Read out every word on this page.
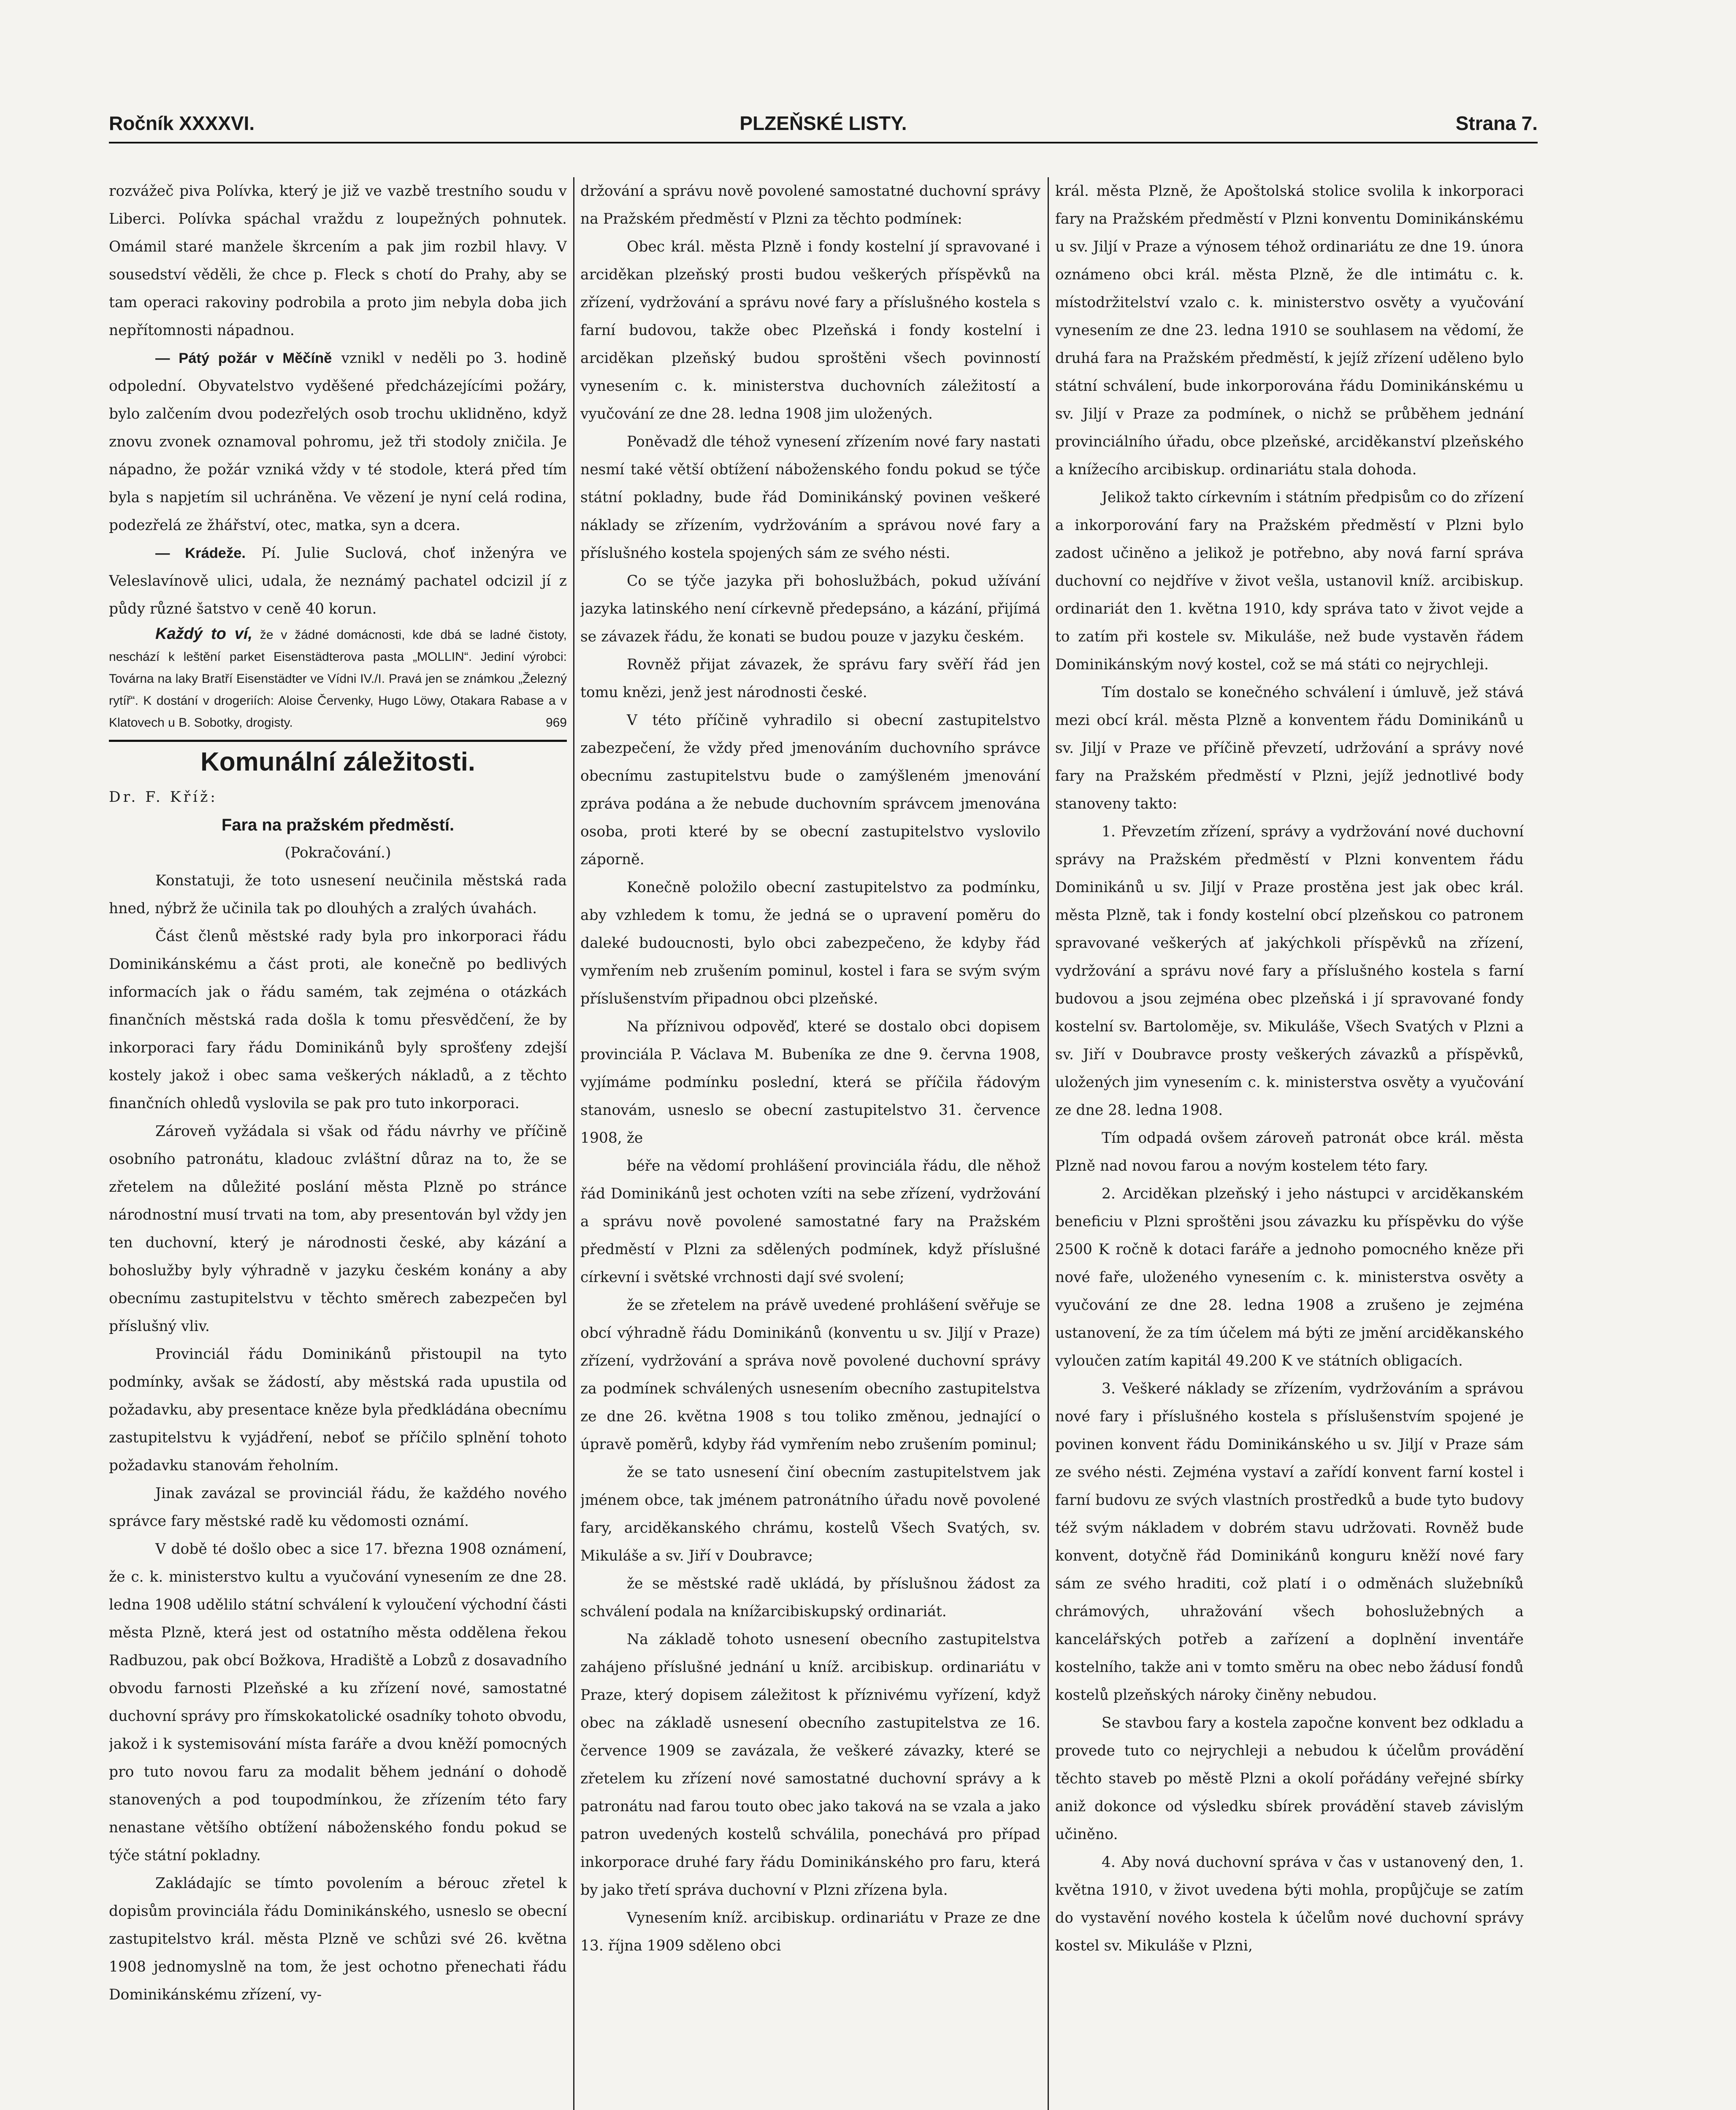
Ročník XXXXVI.	PLZEŇSKÉ LISTY.	Strana 7.

rozvážeč piva Polívka, který je již ve vazbě trestního soudu v Liberci. Polívka spáchal vraždu z loupežných pohnutek. Omámil staré manžele škrcením a pak jim rozbil hlavy. V sousedství věděli, že chce p. Fleck s chotí do Prahy, aby se tam operaci rakoviny podrobila a proto jim nebyla doba jich nepřítomnosti nápadnou.

— Pátý požár v Měčíně vznikl v neděli po 3. hodině odpolední. Obyvatelstvo vyděšené předcházejícími požáry, bylo zalčením dvou podezřelých osob trochu uklidněno, když znovu zvonek oznamoval pohromu, jež tři stodoly zničila. Je nápadno, že požár vzniká vždy v té stodole, která před tím byla s napjetím sil uchráněna. Ve vězení je nyní celá rodina, podezřelá ze žhářství, otec, matka, syn a dcera.

— Krádeže. Pí. Julie Suclová, choť inženýra ve Veleslavínově ulici, udala, že neznámý pachatel odcizil jí z půdy různé šatstvo v ceně 40 korun.

Každý to ví, že v žádné domácnosti, kde dbá se ladné čistoty, neschází k leštění parket Eisenstädterova pasta „MOLLIN“. Jediní výrobci: Továrna na laky Bratří Eisenstädter ve Vídni IV./I. Pravá jen se známkou „Železný rytíř“. K dostání v drogeriích: Aloise Červenky, Hugo Löwy, Otakara Rabase a v Klatovech u B. Sobotky, drogisty.	969

Komunální záležitosti.

Dr. F. Kříž:

Fara na pražském předměstí.

(Pokračování.)

Konstatuji, že toto usnesení neučinila městská rada hned, nýbrž že učinila tak po dlouhých a zralých úvahách.

Část členů městské rady byla pro inkorporaci řádu Dominikánskému a část proti, ale konečně po bedlivých informacích jak o řádu samém, tak zejména o otázkách finančních městská rada došla k tomu přesvědčení, že by inkorporaci fary řádu Dominikánů byly sprošťeny zdejší kostely jakož i obec sama veškerých nákladů, a z těchto finančních ohledů vyslovila se pak pro tuto inkorporaci.

Zároveň vyžádala si však od řádu návrhy ve příčině osobního patronátu, kladouc zvláštní důraz na to, že se zřetelem na důležité poslání města Plzně po stránce národnostní musí trvati na tom, aby presentován byl vždy jen ten duchovní, který je národnosti české, aby kázání a bohoslužby byly výhradně v jazyku českém konány a aby obecnímu zastupitelstvu v těchto směrech zabezpečen byl příslušný vliv.

Provinciál řádu Dominikánů přistoupil na tyto podmínky, avšak se žádostí, aby městská rada upustila od požadavku, aby presentace kněze byla předkládána obecnímu zastupitelstvu k vyjádření, neboť se příčilo splnění tohoto požadavku stanovám řeholním.

Jinak zavázal se provinciál řádu, že každého nového správce fary městské radě ku vědomosti oznámí.

V době té došlo obec a sice 17. března 1908 oznámení, že c. k. ministerstvo kultu a vyučování vynesením ze dne 28. ledna 1908 udělilo státní schválení k vyloučení východní části města Plzně, která jest od ostatního města oddělena řekou Radbuzou, pak obcí Božkova, Hradiště a Lobzů z dosavadního obvodu farnosti Plzeňské a ku zřízení nové, samostatné duchovní správy pro římskokatolické osadníky tohoto obvodu, jakož i k systemisování místa faráře a dvou kněží pomocných pro tuto novou faru za modalit během jednání o dohodě stanovených a pod toupodmínkou, že zřízením této fary nenastane většího obtížení náboženského fondu pokud se týče státní pokladny.

Zakládajíc se tímto povolením a bérouc zřetel k dopisům provinciála řádu Dominikánského, usneslo se obecní zastupitelstvo král. města Plzně ve schůzi své 26. května 1908 jednomyslně na tom, že jest ochotno přenechati řádu Dominikánskému zřízení, vy-

držování a správu nově povolené samostatné duchovní správy na Pražském předměstí v Plzni za těchto podmínek:

Obec král. města Plzně i fondy kostelní jí spravované i arciděkan plzeňský prosti budou veškerých příspěvků na zřízení, vydržování a správu nové fary a příslušného kostela s farní budovou, takže obec Plzeňská i fondy kostelní i arciděkan plzeňský budou sproštěni všech povinností vynesením c. k. ministerstva duchovních záležitostí a vyučování ze dne 28. ledna 1908 jim uložených.

Poněvadž dle téhož vynesení zřízením nové fary nastati nesmí také větší obtížení náboženského fondu pokud se týče státní pokladny, bude řád Dominikánský povinen veškeré náklady se zřízením, vydržováním a správou nové fary a příslušného kostela spojených sám ze svého nésti.

Co se týče jazyka při bohoslužbách, pokud užívání jazyka latinského není církevně předepsáno, a kázání, přijímá se závazek řádu, že konati se budou pouze v jazyku českém.

Rovněž přijat závazek, že správu fary svěří řád jen tomu knězi, jenž jest národnosti české.

V této příčině vyhradilo si obecní zastupitelstvo zabezpečení, že vždy před jmenováním duchovního správce obecnímu zastupitelstvu bude o zamýšleném jmenování zpráva podána a že nebude duchovním správcem jmenována osoba, proti které by se obecní zastupitelstvo vyslovilo záporně.

Konečně položilo obecní zastupitelstvo za podmínku, aby vzhledem k tomu, že jedná se o upravení poměru do daleké budoucnosti, bylo obci zabezpečeno, že kdyby řád vymřením neb zrušením pominul, kostel i fara se svým svým příslušenstvím připadnou obci plzeňské.

Na příznivou odpověď, které se dostalo obci dopisem provinciála P. Václava M. Bubeníka ze dne 9. června 1908, vyjímáme podmínku poslední, která se příčila řádovým stanovám, usneslo se obecní zastupitelstvo 31. července 1908, že

béře na vědomí prohlášení provinciála řádu, dle něhož řád Dominikánů jest ochoten vzíti na sebe zřízení, vydržování a správu nově povolené samostatné fary na Pražském předměstí v Plzni za sdělených podmínek, když příslušné církevní i světské vrchnosti dají své svolení;

že se zřetelem na právě uvedené prohlášení svěřuje se obcí výhradně řádu Dominikánů (konventu u sv. Jiljí v Praze) zřízení, vydržování a správa nově povolené duchovní správy za podmínek schválených usnesením obecního zastupitelstva ze dne 26. května 1908 s tou toliko změnou, jednající o úpravě poměrů, kdyby řád vymřením nebo zrušením pominul;

že se tato usnesení činí obecním zastupitelstvem jak jménem obce, tak jménem patronátního úřadu nově povolené fary, arciděkanského chrámu, kostelů Všech Svatých, sv. Mikuláše a sv. Jiří v Doubravce;

že se městské radě ukládá, by příslušnou žádost za schválení podala na knížarcibiskupský ordinariát.

Na základě tohoto usnesení obecního zastupitelstva zahájeno příslušné jednání u kníž. arcibiskup. ordinariátu v Praze, který dopisem záležitost k příznivému vyřízení, když obec na základě usnesení obecního zastupitelstva ze 16. července 1909 se zavázala, že veškeré závazky, které se zřetelem ku zřízení nové samostatné duchovní správy a k patronátu nad farou touto obec jako taková na se vzala a jako patron uvedených kostelů schválila, ponechává pro případ inkorporace druhé fary řádu Dominikánského pro faru, která by jako třetí správa duchovní v Plzni zřízena byla.

Vynesením kníž. arcibiskup. ordinariátu v Praze ze dne 13. října 1909 sděleno obci

král. města Plzně, že Apoštolská stolice svolila k inkorporaci fary na Pražském předměstí v Plzni konventu Dominikánskému u sv. Jiljí v Praze a výnosem téhož ordinariátu ze dne 19. února oznámeno obci král. města Plzně, že dle intimátu c. k. místodržitelství vzalo c. k. ministerstvo osvěty a vyučování vynesením ze dne 23. ledna 1910 se souhlasem na vědomí, že druhá fara na Pražském předměstí, k jejíž zřízení uděleno bylo státní schválení, bude inkorporována řádu Dominikánskému u sv. Jiljí v Praze za podmínek, o nichž se průběhem jednání provinciálního úřadu, obce plzeňské, arciděkanství plzeňského a knížecího arcibiskup. ordinariátu stala dohoda.

Jelikož takto církevním i státním předpisům co do zřízení a inkorporování fary na Pražském předměstí v Plzni bylo zadost učiněno a jelikož je potřebno, aby nová farní správa duchovní co nejdříve v život vešla, ustanovil kníž. arcibiskup. ordinariát den 1. května 1910, kdy správa tato v život vejde a to zatím při kostele sv. Mikuláše, než bude vystavěn řádem Dominikánským nový kostel, což se má státi co nejrychleji.

Tím dostalo se konečného schválení i úmluvě, jež stává mezi obcí král. města Plzně a konventem řádu Dominikánů u sv. Jiljí v Praze ve příčině převzetí, udržování a správy nové fary na Pražském předměstí v Plzni, jejíž jednotlivé body stanoveny takto:

1. Převzetím zřízení, správy a vydržování nové duchovní správy na Pražském předměstí v Plzni konventem řádu Dominikánů u sv. Jiljí v Praze prostěna jest jak obec král. města Plzně, tak i fondy kostelní obcí plzeňskou co patronem spravované veškerých ať jakýchkoli příspěvků na zřízení, vydržování a správu nové fary a příslušného kostela s farní budovou a jsou zejména obec plzeňská i jí spravované fondy kostelní sv. Bartoloměje, sv. Mikuláše, Všech Svatých v Plzni a sv. Jiří v Doubravce prosty veškerých závazků a příspěvků, uložených jim vynesením c. k. ministerstva osvěty a vyučování ze dne 28. ledna 1908.

Tím odpadá ovšem zároveň patronát obce král. města Plzně nad novou farou a novým kostelem této fary.

2. Arciděkan plzeňský i jeho nástupci v arciděkanském beneficiu v Plzni sproštěni jsou závazku ku příspěvku do výše 2500 K ročně k dotaci faráře a jednoho pomocného kněze při nové faře, uloženého vynesením c. k. ministerstva osvěty a vyučování ze dne 28. ledna 1908 a zrušeno je zejména ustanovení, že za tím účelem má býti ze jmění arciděkanského vyloučen zatím kapitál 49.200 K ve státních obligacích.

3. Veškeré náklady se zřízením, vydržováním a správou nové fary i příslušného kostela s příslušenstvím spojené je povinen konvent řádu Dominikánského u sv. Jiljí v Praze sám ze svého nésti. Zejména vystaví a zařídí konvent farní kostel i farní budovu ze svých vlastních prostředků a bude tyto budovy též svým nákladem v dobrém stavu udržovati. Rovněž bude konvent, dotyčně řád Dominikánů konguru kněží nové fary sám ze svého hraditi, což platí i o odměnách služebníků chrámových, uhražování všech bohoslužebných a kancelářských potřeb a zařízení a doplnění inventáře kostelního, takže ani v tomto směru na obec nebo žádusí fondů kostelů plzeňských nároky činěny nebudou.

Se stavbou fary a kostela započne konvent bez odkladu a provede tuto co nejrychleji a nebudou k účelům provádění těchto staveb po městě Plzni a okolí pořádány veřejné sbírky aniž dokonce od výsledku sbírek provádění staveb závislým učiněno.

4. Aby nová duchovní správa v čas v ustanovený den, 1. května 1910, v život uvedena býti mohla, propůjčuje se zatím do vystavění nového kostela k účelům nové duchovní správy kostel sv. Mikuláše v Plzni,
